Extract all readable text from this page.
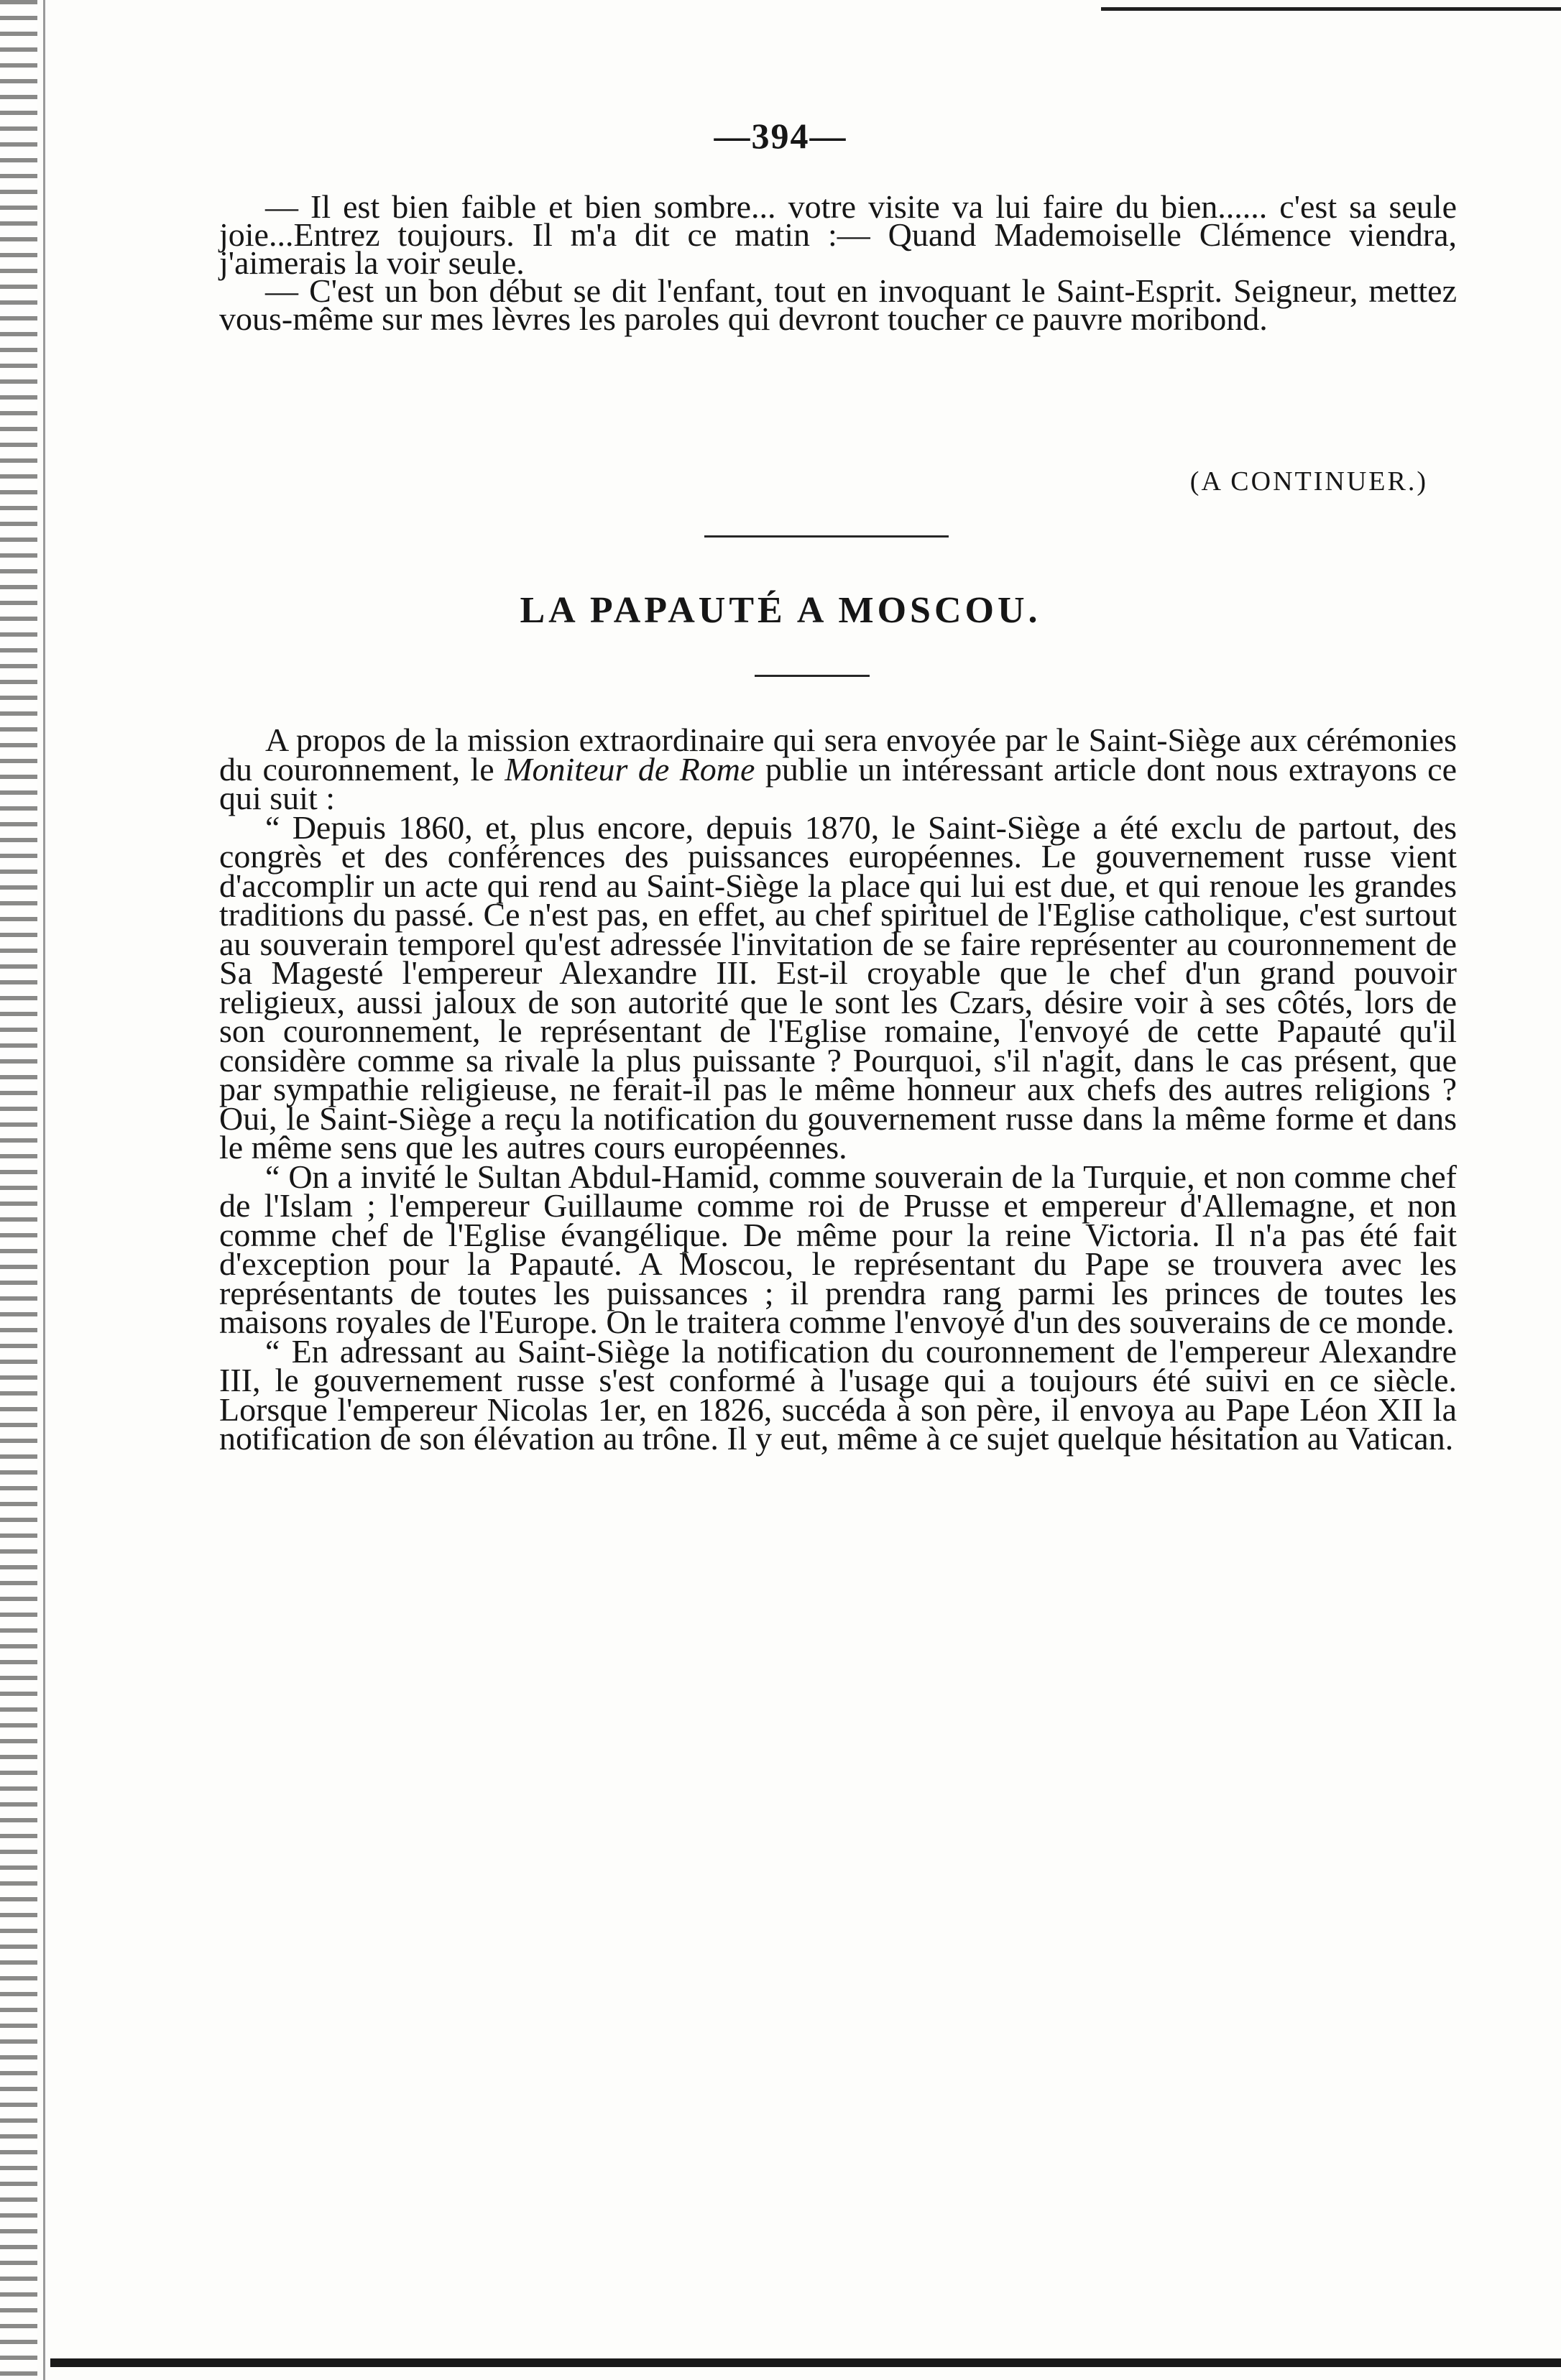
—394—

— Il est bien faible et bien sombre... votre visite va lui faire du bien...... c'est sa seule joie...Entrez toujours. Il m'a dit ce matin :— Quand Mademoiselle Clémence viendra, j'aimerais la voir seule.

— C'est un bon début se dit l'enfant, tout en invoquant le Saint-Esprit. Seigneur, mettez vous-même sur mes lèvres les paroles qui devront toucher ce pauvre moribond.

(A CONTINUER.)
LA PAPAUTÉ A MOSCOU.

A propos de la mission extraordinaire qui sera envoyée par le Saint-Siège aux cérémonies du couronnement, le Moniteur de Rome publie un intéressant article dont nous extrayons ce qui suit :

“ Depuis 1860, et, plus encore, depuis 1870, le Saint-Siège a été exclu de partout, des congrès et des conférences des puissances européennes. Le gouvernement russe vient d'accomplir un acte qui rend au Saint-Siège la place qui lui est due, et qui renoue les grandes traditions du passé. Ce n'est pas, en effet, au chef spirituel de l'Eglise catholique, c'est surtout au souverain temporel qu'est adressée l'invitation de se faire représenter au couronnement de Sa Magesté l'empereur Alexandre III. Est-il croyable que le chef d'un grand pouvoir religieux, aussi jaloux de son autorité que le sont les Czars, désire voir à ses côtés, lors de son couronnement, le représentant de l'Eglise romaine, l'envoyé de cette Papauté qu'il considère comme sa rivale la plus puissante ? Pourquoi, s'il n'agit, dans le cas présent, que par sympathie religieuse, ne ferait-il pas le même honneur aux chefs des autres religions ? Oui, le Saint-Siège a reçu la notification du gouvernement russe dans la même forme et dans le même sens que les autres cours européennes.

“ On a invité le Sultan Abdul-Hamid, comme souverain de la Turquie, et non comme chef de l'Islam ; l'empereur Guillaume comme roi de Prusse et empereur d'Allemagne, et non comme chef de l'Eglise évangélique. De même pour la reine Victoria. Il n'a pas été fait d'exception pour la Papauté. A Moscou, le représentant du Pape se trouvera avec les représentants de toutes les puissances ; il prendra rang parmi les princes de toutes les maisons royales de l'Europe. On le traitera comme l'envoyé d'un des souverains de ce monde.

“ En adressant au Saint-Siège la notification du couronnement de l'empereur Alexandre III, le gouvernement russe s'est conformé à l'usage qui a toujours été suivi en ce siècle. Lorsque l'empereur Nicolas 1er, en 1826, succéda à son père, il envoya au Pape Léon XII la notification de son élévation au trône. Il y eut, même à ce sujet quelque hésitation au Vatican.
